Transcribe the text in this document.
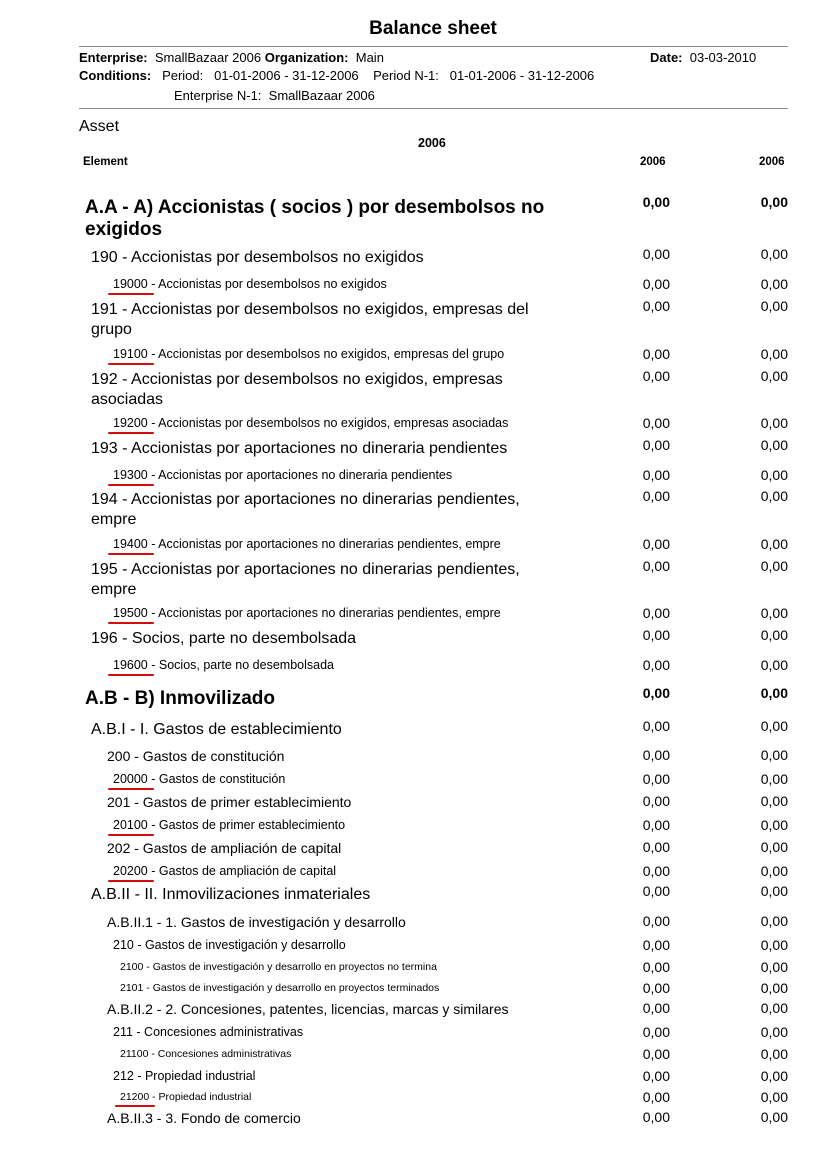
Balance sheet
Enterprise: SmallBazaar 2006 Organization: Main	Date: 03-03-2010
Conditions: Period: 01-01-2006 - 31-12-2006 Period N-1: 01-01-2006 - 31-12-2006
Enterprise N-1: SmallBazaar 2006
Asset
2006
Element	2006	2006
A.A - A) Accionistas ( socios ) por desembolsos no exigidos
0,00	0,00
190 - Accionistas por desembolsos no exigidos	0,00	0,00
19000 - Accionistas por desembolsos no exigidos	0,00	0,00
191 - Accionistas por desembolsos no exigidos, empresas del grupo
0,00	0,00
19100 - Accionistas por desembolsos no exigidos, empresas del grupo	0,00	0,00
192 - Accionistas por desembolsos no exigidos, empresas asociadas
0,00	0,00
19200 - Accionistas por desembolsos no exigidos, empresas asociadas	0,00	0,00
193 - Accionistas por aportaciones no dineraria pendientes	0,00	0,00
19300 - Accionistas por aportaciones no dineraria pendientes	0,00	0,00
194 - Accionistas por aportaciones no dinerarias pendientes, empre
0,00	0,00
19400 - Accionistas por aportaciones no dinerarias pendientes, empre	0,00	0,00
195 - Accionistas por aportaciones no dinerarias pendientes, empre
0,00	0,00
19500 - Accionistas por aportaciones no dinerarias pendientes, empre	0,00	0,00
196 - Socios, parte no desembolsada	0,00	0,00
19600 - Socios, parte no desembolsada	0,00	0,00
A.B - B) Inmovilizado	0,00	0,00
A.B.I - I. Gastos de establecimiento	0,00	0,00
200 - Gastos de constitución	0,00	0,00
20000 - Gastos de constitución	0,00	0,00
201 - Gastos de primer establecimiento	0,00	0,00
20100 - Gastos de primer establecimiento	0,00	0,00
202 - Gastos de ampliación de capital	0,00	0,00
20200 - Gastos de ampliación de capital	0,00	0,00
A.B.II - II. Inmovilizaciones inmateriales	0,00	0,00
A.B.II.1 - 1. Gastos de investigación y desarrollo	0,00	0,00
210 - Gastos de investigación y desarrollo	0,00	0,00
2100 - Gastos de investigación y desarrollo en proyectos no termina	0,00	0,00
2101 - Gastos de investigación y desarrollo en proyectos terminados	0,00	0,00
A.B.II.2 - 2. Concesiones, patentes, licencias, marcas y similares	0,00	0,00
211 - Concesiones administrativas	0,00	0,00
21100 - Concesiones administrativas	0,00	0,00
212 - Propiedad industrial	0,00	0,00
21200 - Propiedad industrial	0,00	0,00
A.B.II.3 - 3. Fondo de comercio	0,00	0,00
